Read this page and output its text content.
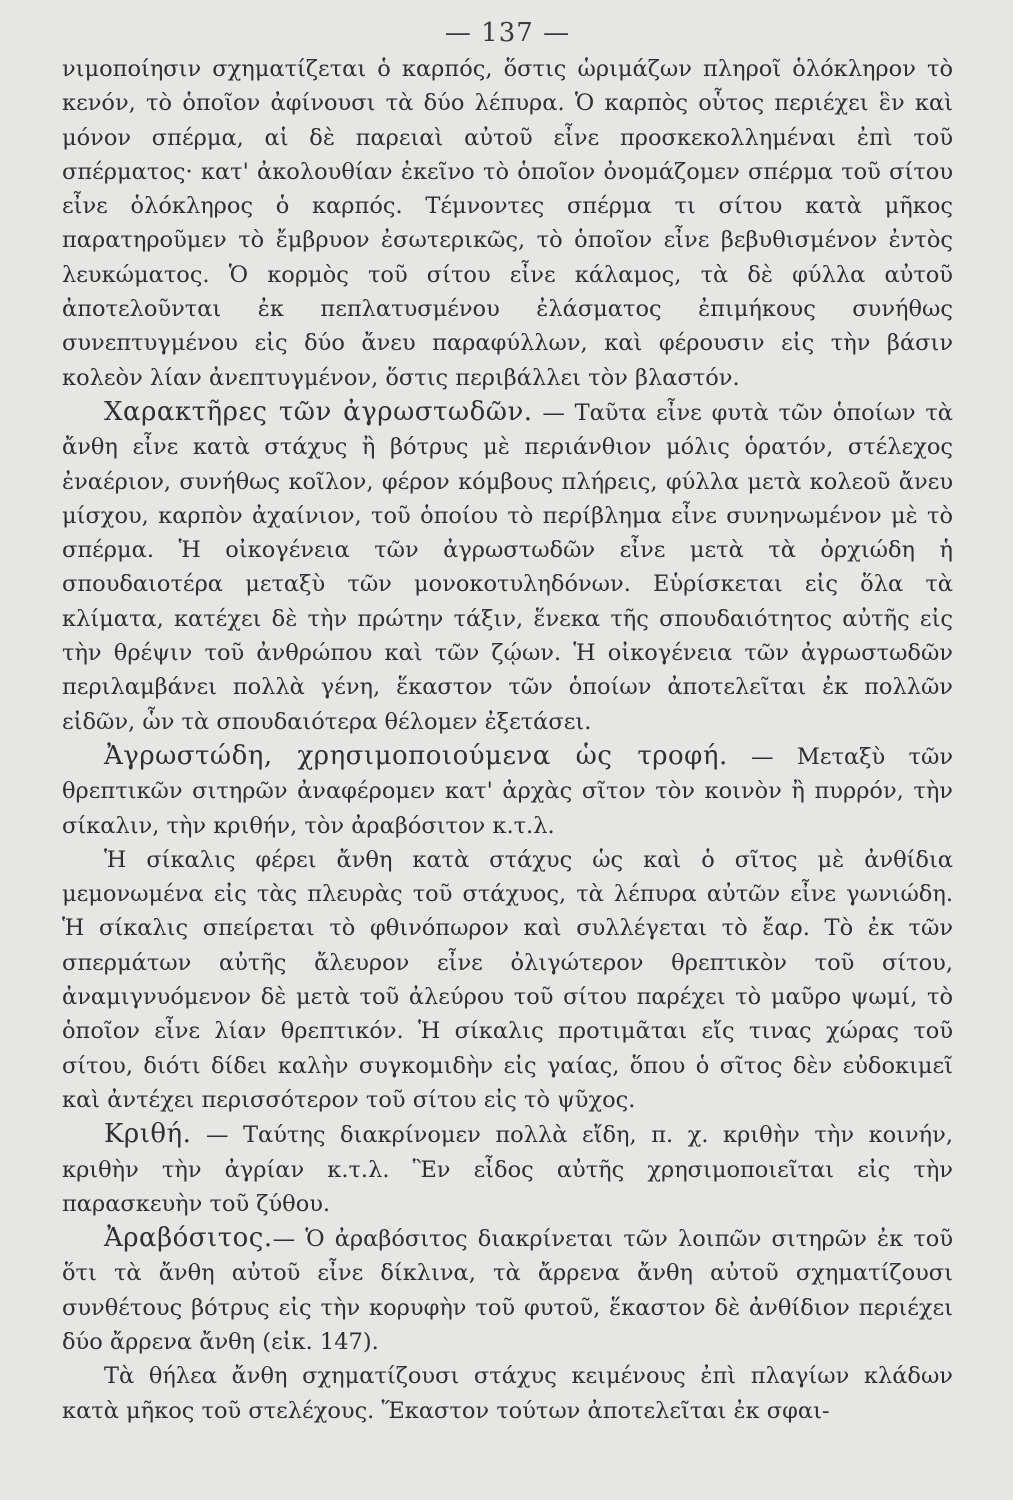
— 137 —

νιμοποίησιν σχηματίζεται ὁ καρπός, ὅστις ὡριμάζων πληροῖ ὁλόκληρον τὸ κενόν, τὸ ὁποῖον ἀφίνουσι τὰ δύο λέπυρα. Ὁ καρπὸς οὗτος περιέχει ἓν καὶ μόνον σπέρμα, αἱ δὲ παρειαὶ αὐτοῦ εἶνε προσκεκολλημέναι ἐπὶ τοῦ σπέρματος· κατ' ἀκολουθίαν ἐκεῖνο τὸ ὁποῖον ὀνομάζομεν σπέρμα τοῦ σίτου εἶνε ὁλόκληρος ὁ καρπός. Τέμνοντες σπέρμα τι σίτου κατὰ μῆκος παρατηροῦμεν τὸ ἔμβρυον ἐσωτερικῶς, τὸ ὁποῖον εἶνε βεβυθισμένον ἐντὸς λευκώματος. Ὁ κορμὸς τοῦ σίτου εἶνε κάλαμος, τὰ δὲ φύλλα αὐτοῦ ἀποτελοῦνται ἐκ πεπλατυσμένου ἐλάσματος ἐπιμήκους συνήθως συνεπτυγμένου εἰς δύο ἄνευ παραφύλλων, καὶ φέρουσιν εἰς τὴν βάσιν κολεὸν λίαν ἀνεπτυγμένον, ὅστις περιβάλλει τὸν βλαστόν.

Χαρακτῆρες τῶν ἀγρωστωδῶν. — Ταῦτα εἶνε φυτὰ τῶν ὁποίων τὰ ἄνθη εἶνε κατὰ στάχυς ἢ βότρυς μὲ περιάνθιον μόλις ὁρατόν, στέλεχος ἐναέριον, συνήθως κοῖλον, φέρον κόμβους πλήρεις, φύλλα μετὰ κολεοῦ ἄνευ μίσχου, καρπὸν ἀχαίνιον, τοῦ ὁποίου τὸ περίβλημα εἶνε συνηνωμένον μὲ τὸ σπέρμα. Ἡ οἰκογένεια τῶν ἀγρωστωδῶν εἶνε μετὰ τὰ ὀρχιώδη ἡ σπουδαιοτέρα μεταξὺ τῶν μονοκοτυληδόνων. Εὑρίσκεται εἰς ὅλα τὰ κλίματα, κατέχει δὲ τὴν πρώτην τάξιν, ἕνεκα τῆς σπουδαιότητος αὐτῆς εἰς τὴν θρέψιν τοῦ ἀνθρώπου καὶ τῶν ζῴων. Ἡ οἰκογένεια τῶν ἀγρωστωδῶν περιλαμβάνει πολλὰ γένη, ἕκαστον τῶν ὁποίων ἀποτελεῖται ἐκ πολλῶν εἰδῶν, ὧν τὰ σπουδαιότερα θέλομεν ἐξετάσει.

Ἀγρωστώδη, χρησιμοποιούμενα ὡς τροφή. — Μεταξὺ τῶν θρεπτικῶν σιτηρῶν ἀναφέρομεν κατ' ἀρχὰς σῖτον τὸν κοινὸν ἢ πυρρόν, τὴν σίκαλιν, τὴν κριθήν, τὸν ἀραβόσιτον κ.τ.λ.

Ἡ σίκαλις φέρει ἄνθη κατὰ στάχυς ὡς καὶ ὁ σῖτος μὲ ἀνθίδια μεμονωμένα εἰς τὰς πλευρὰς τοῦ στάχυος, τὰ λέπυρα αὐτῶν εἶνε γωνιώδη. Ἡ σίκαλις σπείρεται τὸ φθινόπωρον καὶ συλλέγεται τὸ ἔαρ. Τὸ ἐκ τῶν σπερμάτων αὐτῆς ἄλευρον εἶνε ὀλιγώτερον θρεπτικὸν τοῦ σίτου, ἀναμιγνυόμενον δὲ μετὰ τοῦ ἀλεύρου τοῦ σίτου παρέχει τὸ μαῦρο ψωμί, τὸ ὁποῖον εἶνε λίαν θρεπτικόν. Ἡ σίκαλις προτιμᾶται εἴς τινας χώρας τοῦ σίτου, διότι δίδει καλὴν συγκομιδὴν εἰς γαίας, ὅπου ὁ σῖτος δὲν εὐδοκιμεῖ καὶ ἀντέχει περισσότερον τοῦ σίτου εἰς τὸ ψῦχος.

Κριθή. — Ταύτης διακρίνομεν πολλὰ εἴδη, π. χ. κριθὴν τὴν κοινήν, κριθὴν τὴν ἀγρίαν κ.τ.λ. Ἓν εἶδος αὐτῆς χρησιμοποιεῖται εἰς τὴν παρασκευὴν τοῦ ζύθου.

Ἀραβόσιτος.— Ὁ ἀραβόσιτος διακρίνεται τῶν λοιπῶν σιτηρῶν ἐκ τοῦ ὅτι τὰ ἄνθη αὐτοῦ εἶνε δίκλινα, τὰ ἄρρενα ἄνθη αὐτοῦ σχηματίζουσι συνθέτους βότρυς εἰς τὴν κορυφὴν τοῦ φυτοῦ, ἕκαστον δὲ ἀνθίδιον περιέχει δύο ἄρρενα ἄνθη (εἰκ. 147).

Τὰ θήλεα ἄνθη σχηματίζουσι στάχυς κειμένους ἐπὶ πλαγίων κλάδων κατὰ μῆκος τοῦ στελέχους. Ἕκαστον τούτων ἀποτελεῖται ἐκ σφαι-
